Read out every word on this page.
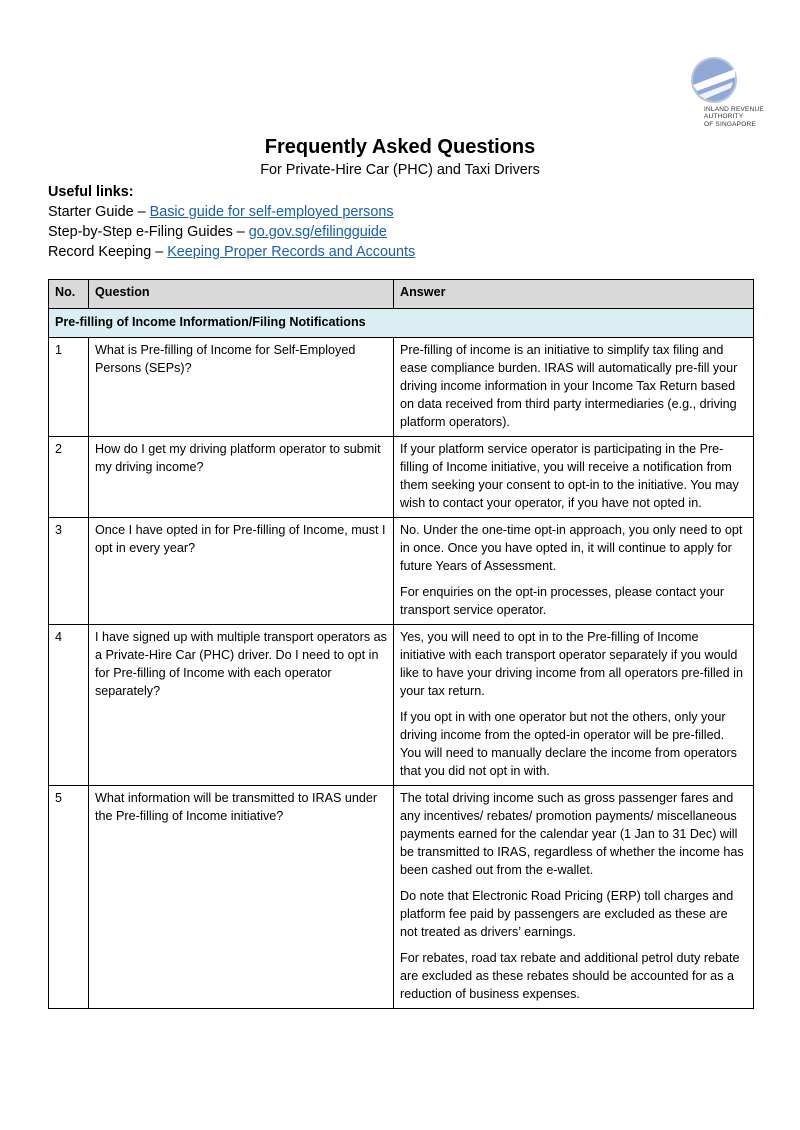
INLAND REVENUE
AUTHORITY
OF SINGAPORE
Frequently Asked Questions
For Private-Hire Car (PHC) and Taxi Drivers
Useful links:
Starter Guide – Basic guide for self-employed persons
Step-by-Step e-Filing Guides – go.gov.sg/efilingguide
Record Keeping – Keeping Proper Records and Accounts
No.	Question	Answer
Pre-filling of Income Information/Filing Notifications		
1	What is Pre-filling of Income for Self-Employed Persons (SEPs)?	Pre-filling of income is an initiative to simplify tax filing and ease compliance burden. IRAS will automatically pre-fill your driving income information in your Income Tax Return based on data received from third party intermediaries (e.g., driving platform operators).

2	How do I get my driving platform operator to submit my driving income?	If your platform service operator is participating in the Pre-filling of Income initiative, you will receive a notification from them seeking your consent to opt-in to the initiative. You may wish to contact your operator, if you have not opted in.

3	Once I have opted in for Pre-filling of Income, must I opt in every year?	No. Under the one-time opt-in approach, you only need to opt in once. Once you have opted in, it will continue to apply for future Years of Assessment.

For enquiries on the opt-in processes, please contact your transport service operator.

4	I have signed up with multiple transport operators as a Private-Hire Car (PHC) driver. Do I need to opt in for Pre-filling of Income with each operator separately?	Yes, you will need to opt in to the Pre-filling of Income initiative with each transport operator separately if you would like to have your driving income from all operators pre-filled in your tax return.

If you opt in with one operator but not the others, only your driving income from the opted-in operator will be pre-filled. You will need to manually declare the income from operators that you did not opt in with.

5	What information will be transmitted to IRAS under the Pre-filling of Income initiative?	The total driving income such as gross passenger fares and any incentives/ rebates/ promotion payments/ miscellaneous payments earned for the calendar year (1 Jan to 31 Dec) will be transmitted to IRAS, regardless of whether the income has been cashed out from the e-wallet.

Do note that Electronic Road Pricing (ERP) toll charges and platform fee paid by passengers are excluded as these are not treated as drivers’ earnings.

For rebates, road tax rebate and additional petrol duty rebate are excluded as these rebates should be accounted for as a reduction of business expenses.
